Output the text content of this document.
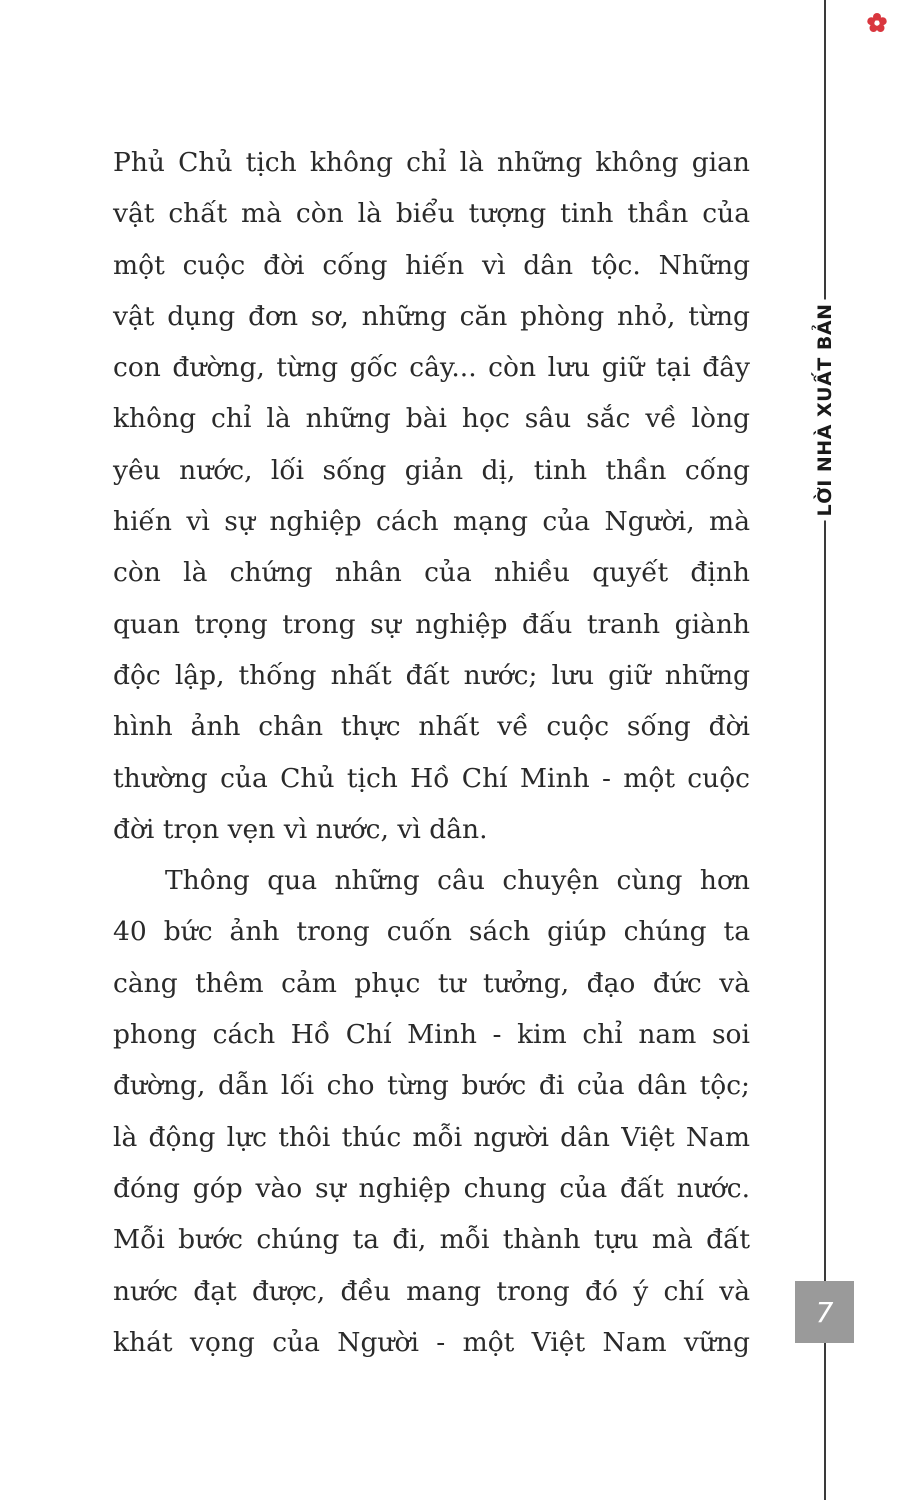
Phủ Chủ tịch không chỉ là những không gian
vật chất mà còn là biểu tượng tinh thần của
một cuộc đời cống hiến vì dân tộc. Những
vật dụng đơn sơ, những căn phòng nhỏ, từng
con đường, từng gốc cây... còn lưu giữ tại đây
không chỉ là những bài học sâu sắc về lòng
yêu nước, lối sống giản dị, tinh thần cống
hiến vì sự nghiệp cách mạng của Người, mà
còn là chứng nhân của nhiều quyết định
quan trọng trong sự nghiệp đấu tranh giành
độc lập, thống nhất đất nước; lưu giữ những
hình ảnh chân thực nhất về cuộc sống đời
thường của Chủ tịch Hồ Chí Minh - một cuộc
đời trọn vẹn vì nước, vì dân.
Thông qua những câu chuyện cùng hơn
40 bức ảnh trong cuốn sách giúp chúng ta
càng thêm cảm phục tư tưởng, đạo đức và
phong cách Hồ Chí Minh - kim chỉ nam soi
đường, dẫn lối cho từng bước đi của dân tộc;
là động lực thôi thúc mỗi người dân Việt Nam
đóng góp vào sự nghiệp chung của đất nước.
Mỗi bước chúng ta đi, mỗi thành tựu mà đất
nước đạt được, đều mang trong đó ý chí và
khát vọng của Người - một Việt Nam vững
LỜI NHÀ XUẤT BẢN
7
